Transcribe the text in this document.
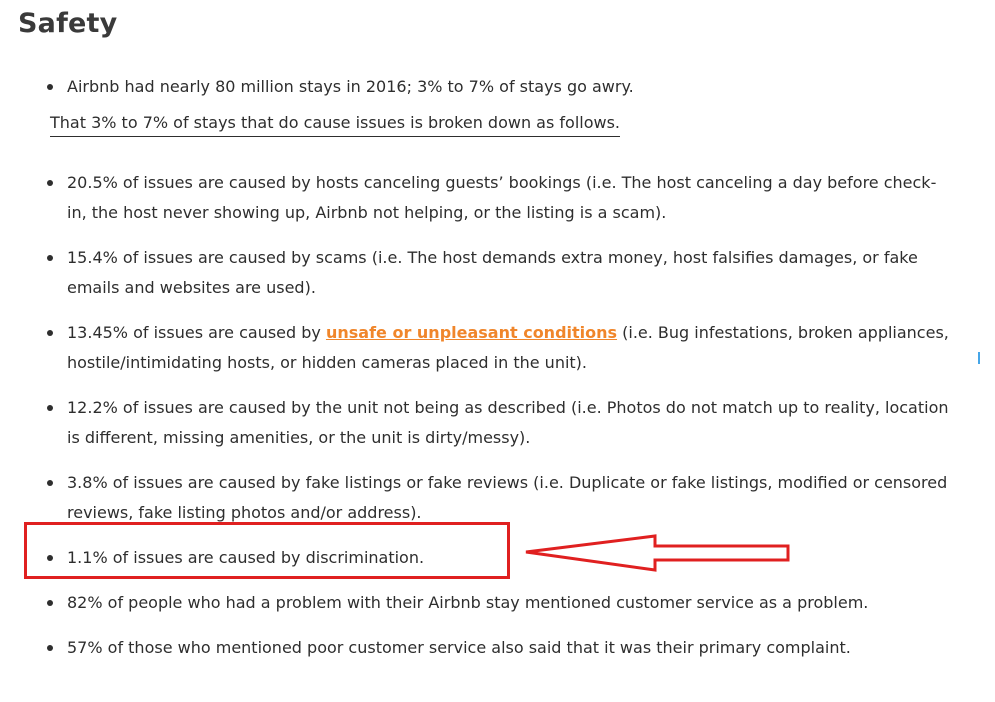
Safety
Airbnb had nearly 80 million stays in 2016; 3% to 7% of stays go awry.
That 3% to 7% of stays that do cause issues is broken down as follows.
20.5% of issues are caused by hosts canceling guests’ bookings (i.e. The host canceling a day before check-
in, the host never showing up, Airbnb not helping, or the listing is a scam).
15.4% of issues are caused by scams (i.e. The host demands extra money, host falsifies damages, or fake
emails and websites are used).
13.45% of issues are caused by unsafe or unpleasant conditions (i.e. Bug infestations, broken appliances,
hostile/intimidating hosts, or hidden cameras placed in the unit).
12.2% of issues are caused by the unit not being as described (i.e. Photos do not match up to reality, location
is different, missing amenities, or the unit is dirty/messy).
3.8% of issues are caused by fake listings or fake reviews (i.e. Duplicate or fake listings, modified or censored
reviews, fake listing photos and/or address).
1.1% of issues are caused by discrimination.
82% of people who had a problem with their Airbnb stay mentioned customer service as a problem.
57% of those who mentioned poor customer service also said that it was their primary complaint.
